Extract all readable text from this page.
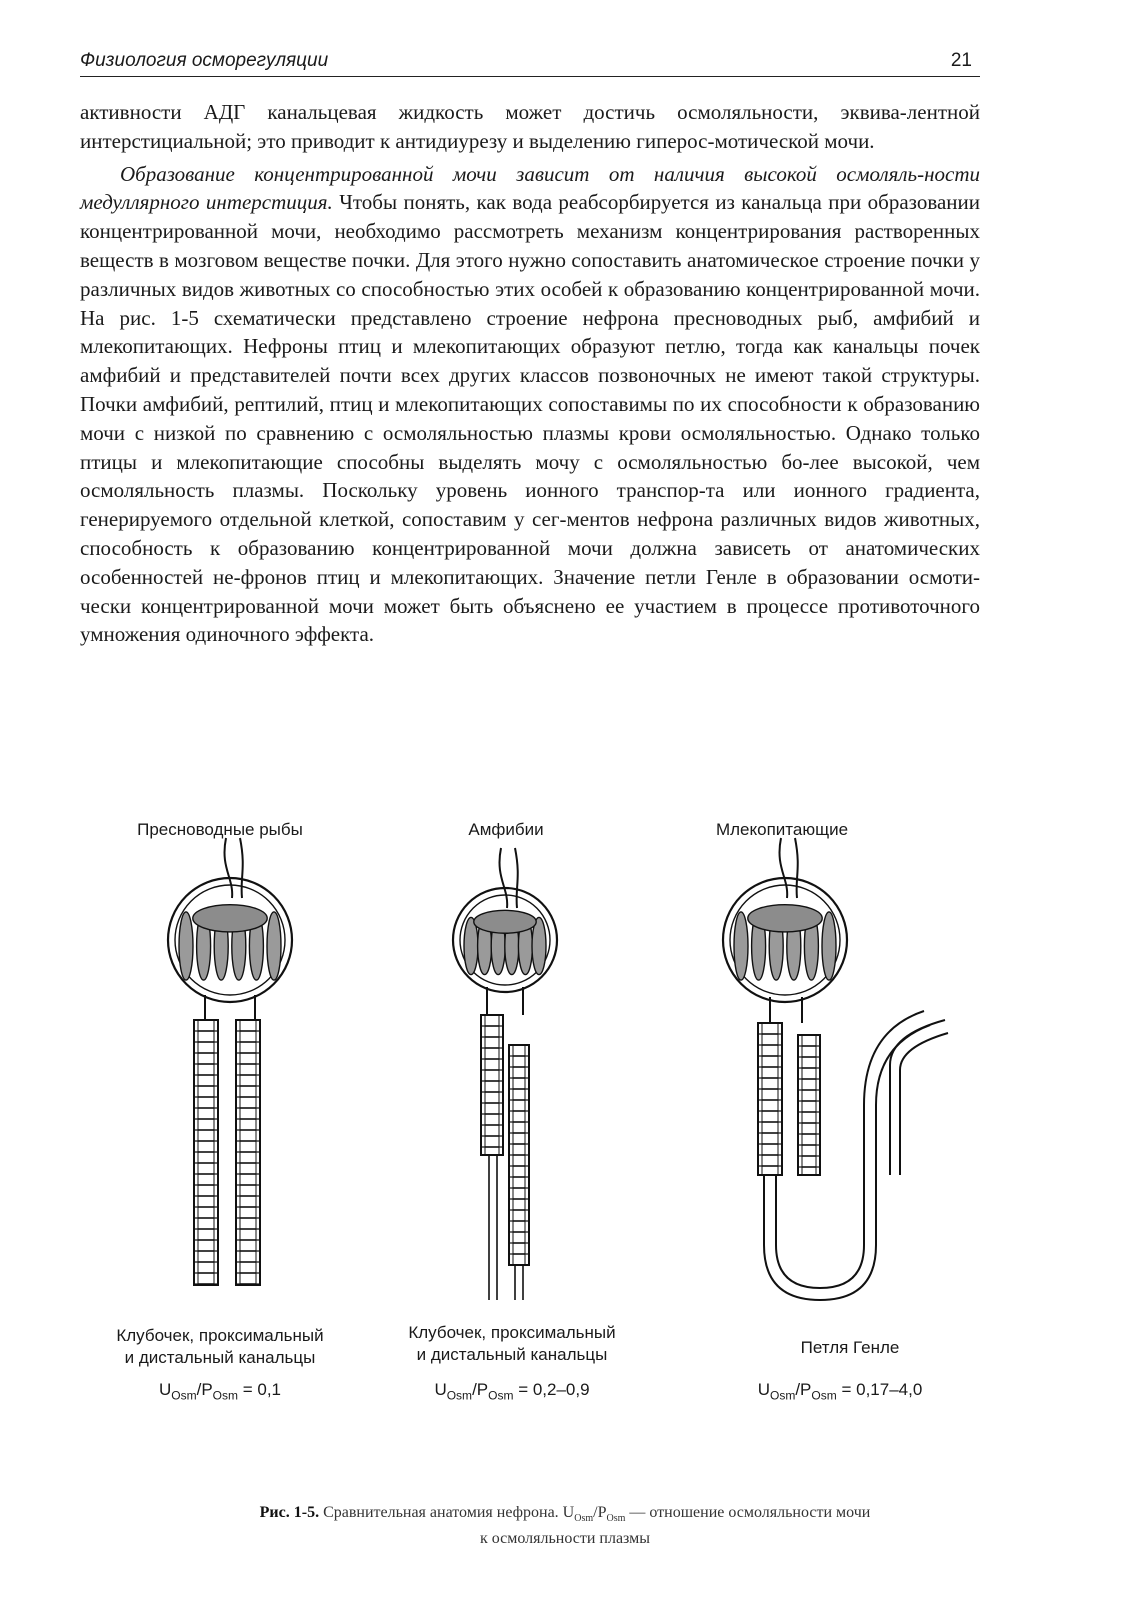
Физиология осморегуляции	21

активности АДГ канальцевая жидкость может достичь осмоляльности, эквива-лентной интерстициальной; это приводит к антидиурезу и выделению гиперос-мотической мочи.

Образование концентрированной мочи зависит от наличия высокой осмоляль-ности медуллярного интерстиция. Чтобы понять, как вода реабсорбируется из канальца при образовании концентрированной мочи, необходимо рассмотреть механизм концентрирования растворенных веществ в мозговом веществе почки. Для этого нужно сопоставить анатомическое строение почки у различных видов животных со способностью этих особей к образованию концентрированной мочи. На рис. 1-5 схематически представлено строение нефрона пресноводных рыб, амфибий и млекопитающих. Нефроны птиц и млекопитающих образуют петлю, тогда как канальцы почек амфибий и представителей почти всех других классов позвоночных не имеют такой структуры. Почки амфибий, рептилий, птиц и млекопитающих сопоставимы по их способности к образованию мочи с низкой по сравнению с осмоляльностью плазмы крови осмоляльностью. Однако только птицы и млекопитающие способны выделять мочу с осмоляльностью бо-лее высокой, чем осмоляльность плазмы. Поскольку уровень ионного транспор-та или ионного градиента, генерируемого отдельной клеткой, сопоставим у сег-ментов нефрона различных видов животных, способность к образованию концентрированной мочи должна зависеть от анатомических особенностей не-фронов птиц и млекопитающих. Значение петли Генле в образовании осмоти-чески концентрированной мочи может быть объяснено ее участием в процессе противоточного умножения одиночного эффекта.

Пресноводные рыбы	Амфибии	Млекопитающие
Клубочек, проксимальный
и дистальный канальцы
Клубочек, проксимальный
и дистальный канальцы	Петля Генле
$U_{Osm}/P_{Osm} = 0,1$	$U_{Osm}/P_{Osm} = 0,2-0,9$	$U_{Osm}/P_{Osm} = 0,17-4,0$
Рис. 1-5. Сравнительная анатомия нефрона. $U_{Osm}/P_{Osm}$ — отношение осмоляльности мочи
к осмоляльности плазмы
